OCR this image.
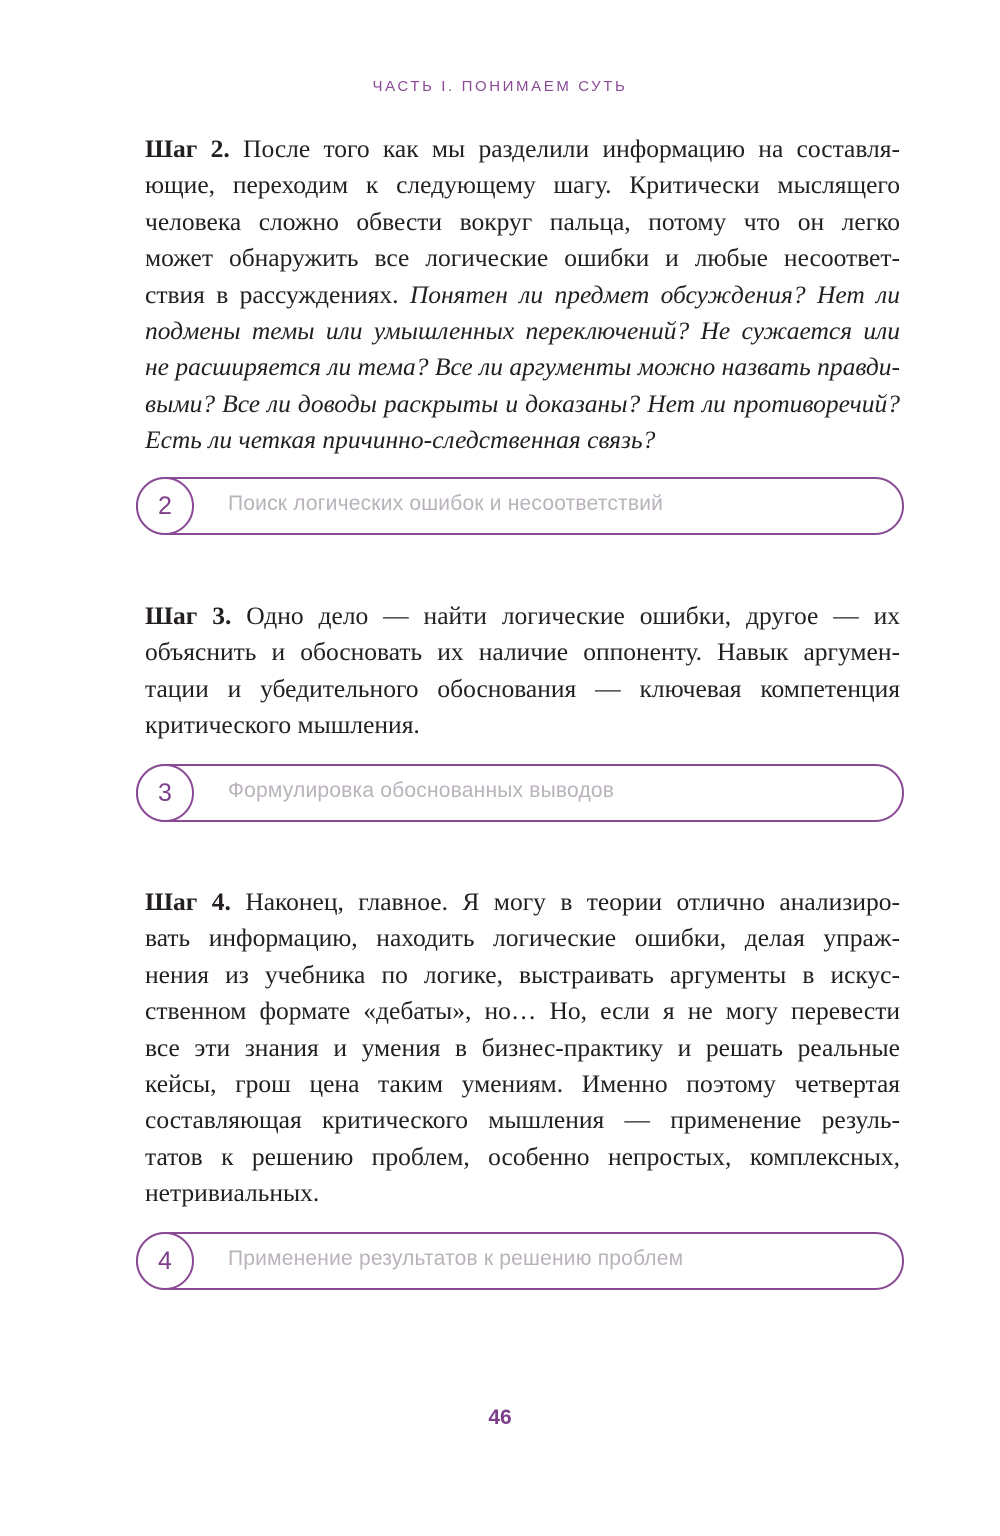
ЧАСТЬ I. ПОНИМАЕМ СУТЬ
Шаг 2. После того как мы разделили информацию на составля-
ющие, переходим к следующему шагу. Критически мыслящего
человека сложно обвести вокруг пальца, потому что он легко
может обнаружить все логические ошибки и любые несоответ-
ствия в рассуждениях. Понятен ли предмет обсуждения? Нет ли
подмены темы или умышленных переключений? Не сужается или
не расширяется ли тема? Все ли аргументы можно назвать правди-
выми? Все ли доводы раскрыты и доказаны? Нет ли противоречий?
Есть ли четкая причинно-следственная связь?
2	Поиск логических ошибок и несоответствий
Шаг 3. Одно дело — найти логические ошибки, другое — их
объяснить и обосновать их наличие оппоненту. Навык аргумен-
тации и убедительного обоснования — ключевая компетенция
критического мышления.
3	Формулировка обоснованных выводов
Шаг 4. Наконец, главное. Я могу в теории отлично анализиро-
вать информацию, находить логические ошибки, делая упраж-
нения из учебника по логике, выстраивать аргументы в искус-
ственном формате «дебаты», но… Но, если я не могу перевести
все эти знания и умения в бизнес-практику и решать реальные
кейсы, грош цена таким умениям. Именно поэтому четвертая
составляющая критического мышления — применение резуль-
татов к решению проблем, особенно непростых, комплексных,
нетривиальных.
4	Применение результатов к решению проблем
46
